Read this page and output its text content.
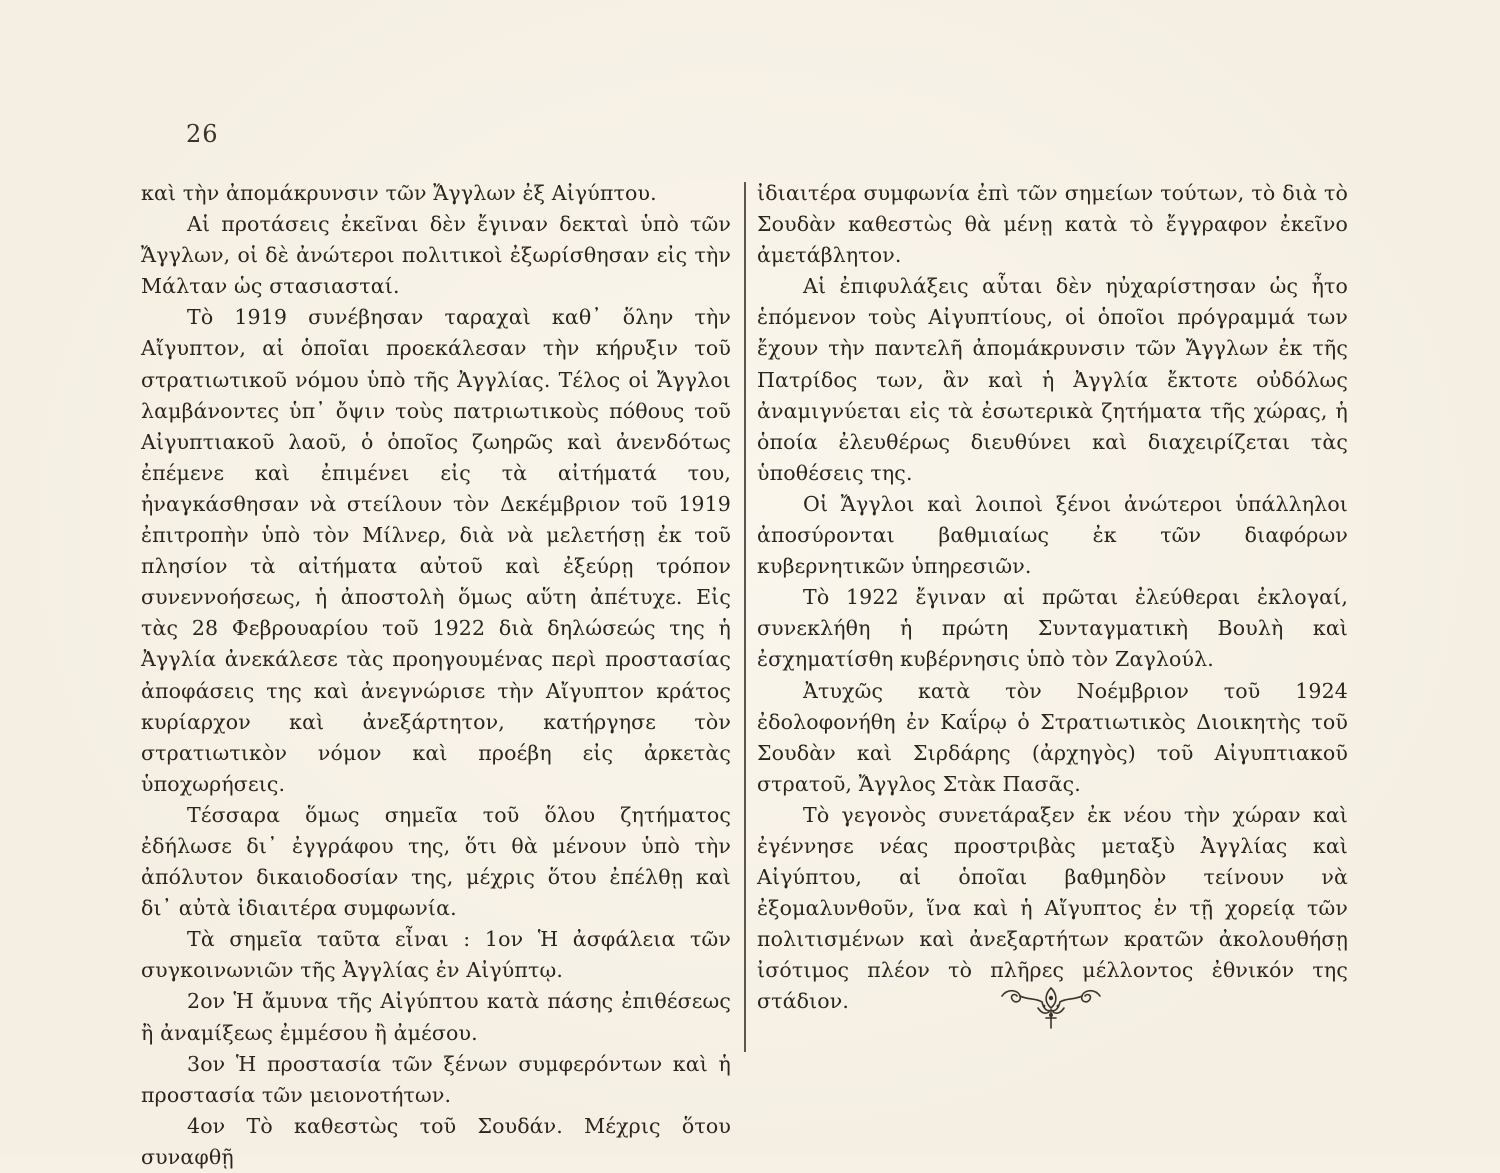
26

καὶ τὴν ἀπομάκρυνσιν τῶν Ἄγγλων ἐξ Αἰγύπτου.

Αἱ προτάσεις ἐκεῖναι δὲν ἔγιναν δεκταὶ ὑπὸ τῶν Ἄγγλων, οἱ δὲ ἀνώτεροι πολιτικοὶ ἐξωρίσθησαν εἰς τὴν Μάλταν ὡς στασιασταί.

Τὸ 1919 συνέβησαν ταραχαὶ καθ᾽ ὅλην τὴν Αἴγυπτον, αἱ ὁποῖαι προεκάλεσαν τὴν κήρυξιν τοῦ στρατιωτικοῦ νόμου ὑπὸ τῆς Ἀγγλίας. Τέλος οἱ Ἄγγλοι λαμβάνοντες ὑπ᾽ ὄψιν τοὺς πατριωτικοὺς πόθους τοῦ Αἰγυπτιακοῦ λαοῦ, ὁ ὁποῖος ζωηρῶς καὶ ἀνενδότως ἐπέμενε καὶ ἐπιμένει εἰς τὰ αἰτήματά του, ἠναγκάσθησαν νὰ στείλουν τὸν Δεκέμβριον τοῦ 1919 ἐπιτροπὴν ὑπὸ τὸν Μίλνερ, διὰ νὰ μελετήσῃ ἐκ τοῦ πλησίον τὰ αἰτήματα αὐτοῦ καὶ ἐξεύρῃ τρόπον συνεννοήσεως, ἡ ἀποστολὴ ὅμως αὕτη ἀπέτυχε. Εἰς τὰς 28 Φεβρουαρίου τοῦ 1922 διὰ δηλώσεώς της ἡ Ἀγγλία ἀνεκάλεσε τὰς προηγουμένας περὶ προστασίας ἀποφάσεις της καὶ ἀνεγνώρισε τὴν Αἴγυπτον κράτος κυρίαρχον καὶ ἀνεξάρτητον, κατήργησε τὸν στρατιωτικὸν νόμον καὶ προέβη εἰς ἀρκετὰς ὑποχωρήσεις.

Τέσσαρα ὅμως σημεῖα τοῦ ὅλου ζητήματος ἐδήλωσε δι᾽ ἐγγράφου της, ὅτι θὰ μένουν ὑπὸ τὴν ἀπόλυτον δικαιοδοσίαν της, μέχρις ὅτου ἐπέλθῃ καὶ δι᾽ αὐτὰ ἰδιαιτέρα συμφωνία.

Τὰ σημεῖα ταῦτα εἶναι : 1ον Ἡ ἀσφάλεια τῶν συγκοινωνιῶν τῆς Ἀγγλίας ἐν Αἰγύπτῳ.

2ον Ἡ ἄμυνα τῆς Αἰγύπτου κατὰ πάσης ἐπιθέσεως ἢ ἀναμίξεως ἐμμέσου ἢ ἀμέσου.

3ον Ἡ προστασία τῶν ξένων συμφερόντων καὶ ἡ προστασία τῶν μειονοτήτων.

4ον Τὸ καθεστὼς τοῦ Σουδάν. Μέχρις ὅτου συναφθῇ

ἰδιαιτέρα συμφωνία ἐπὶ τῶν σημείων τούτων, τὸ διὰ τὸ Σουδὰν καθεστὼς θὰ μένῃ κατὰ τὸ ἔγγραφον ἐκεῖνο ἀμετάβλητον.

Αἱ ἐπιφυλάξεις αὗται δὲν ηὐχαρίστησαν ὡς ἦτο ἑπόμενον τοὺς Αἰγυπτίους, οἱ ὁποῖοι πρόγραμμά των ἔχουν τὴν παντελῆ ἀπομάκρυνσιν τῶν Ἄγγλων ἐκ τῆς Πατρίδος των, ἂν καὶ ἡ Ἀγγλία ἔκτοτε οὐδόλως ἀναμιγνύεται εἰς τὰ ἐσωτερικὰ ζητήματα τῆς χώρας, ἡ ὁποία ἐλευθέρως διευθύνει καὶ διαχειρίζεται τὰς ὑποθέσεις της.

Οἱ Ἄγγλοι καὶ λοιποὶ ξένοι ἀνώτεροι ὑπάλληλοι ἀποσύρονται βαθμιαίως ἐκ τῶν διαφόρων κυβερνητικῶν ὑπηρεσιῶν.

Τὸ 1922 ἔγιναν αἱ πρῶται ἐλεύθεραι ἐκλογαί, συνεκλήθη ἡ πρώτη Συνταγματικὴ Βουλὴ καὶ ἐσχηματίσθη κυβέρνησις ὑπὸ τὸν Ζαγλούλ.

Ἀτυχῶς κατὰ τὸν Νοέμβριον τοῦ 1924 ἐδολοφονήθη ἐν Καΐρῳ ὁ Στρατιωτικὸς Διοικητὴς τοῦ Σουδὰν καὶ Σιρδάρης (ἀρχηγὸς) τοῦ Αἰγυπτιακοῦ στρατοῦ, Ἄγγλος Στὰκ Πασᾶς.

Τὸ γεγονὸς συνετάραξεν ἐκ νέου τὴν χώραν καὶ ἐγέννησε νέας προστριβὰς μεταξὺ Ἀγγλίας καὶ Αἰγύπτου, αἱ ὁποῖαι βαθμηδὸν τείνουν νὰ ἐξομαλυνθοῦν, ἵνα καὶ ἡ Αἴγυπτος ἐν τῇ χορείᾳ τῶν πολιτισμένων καὶ ἀνεξαρτήτων κρατῶν ἀκολουθήσῃ ἰσότιμος πλέον τὸ πλῆρες μέλλοντος ἐθνικόν της στάδιον.
